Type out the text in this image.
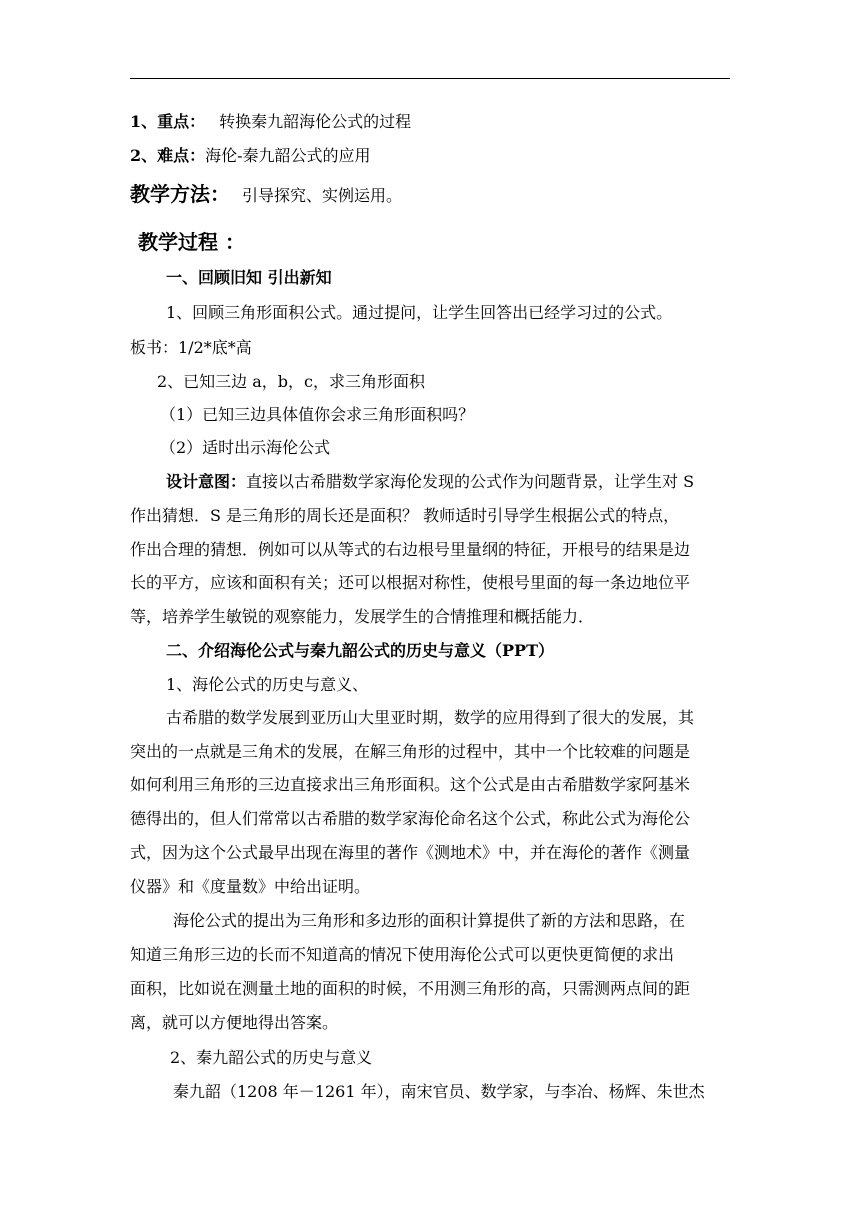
1、重点： 转换秦九韶海伦公式的过程
2、难点：海伦-秦九韶公式的应用
教学方法： 引导探究、实例运用。
教学过程 ：
一、回顾旧知 引出新知
1、回顾三角形面积公式。通过提问，让学生回答出已经学习过的公式。
板书：1/2*底*高
2、已知三边 a，b，c，求三角形面积
（1）已知三边具体值你会求三角形面积吗？
（2）适时出示海伦公式
设计意图：直接以古希腊数学家海伦发现的公式作为问题背景，让学生对 S
作出猜想．S 是三角形的周长还是面积？ 教师适时引导学生根据公式的特点，
作出合理的猜想．例如可以从等式的右边根号里量纲的特征，开根号的结果是边
长的平方，应该和面积有关；还可以根据对称性，使根号里面的每一条边地位平
等，培养学生敏锐的观察能力，发展学生的合情推理和概括能力．
二、介绍海伦公式与秦九韶公式的历史与意义（PPT）
1、海伦公式的历史与意义、
古希腊的数学发展到亚历山大里亚时期，数学的应用得到了很大的发展，其
突出的一点就是三角术的发展，在解三角形的过程中，其中一个比较难的问题是
如何利用三角形的三边直接求出三角形面积。这个公式是由古希腊数学家阿基米
德得出的，但人们常常以古希腊的数学家海伦命名这个公式，称此公式为海伦公
式，因为这个公式最早出现在海里的著作《测地术》中，并在海伦的著作《测量
仪器》和《度量数》中给出证明。
海伦公式的提出为三角形和多边形的面积计算提供了新的方法和思路，在
知道三角形三边的长而不知道高的情况下使用海伦公式可以更快更简便的求出
面积，比如说在测量土地的面积的时候，不用测三角形的高，只需测两点间的距
离，就可以方便地得出答案。
2、秦九韶公式的历史与意义
秦九韶（1208 年－1261 年），南宋官员、数学家，与李冶、杨辉、朱世杰
